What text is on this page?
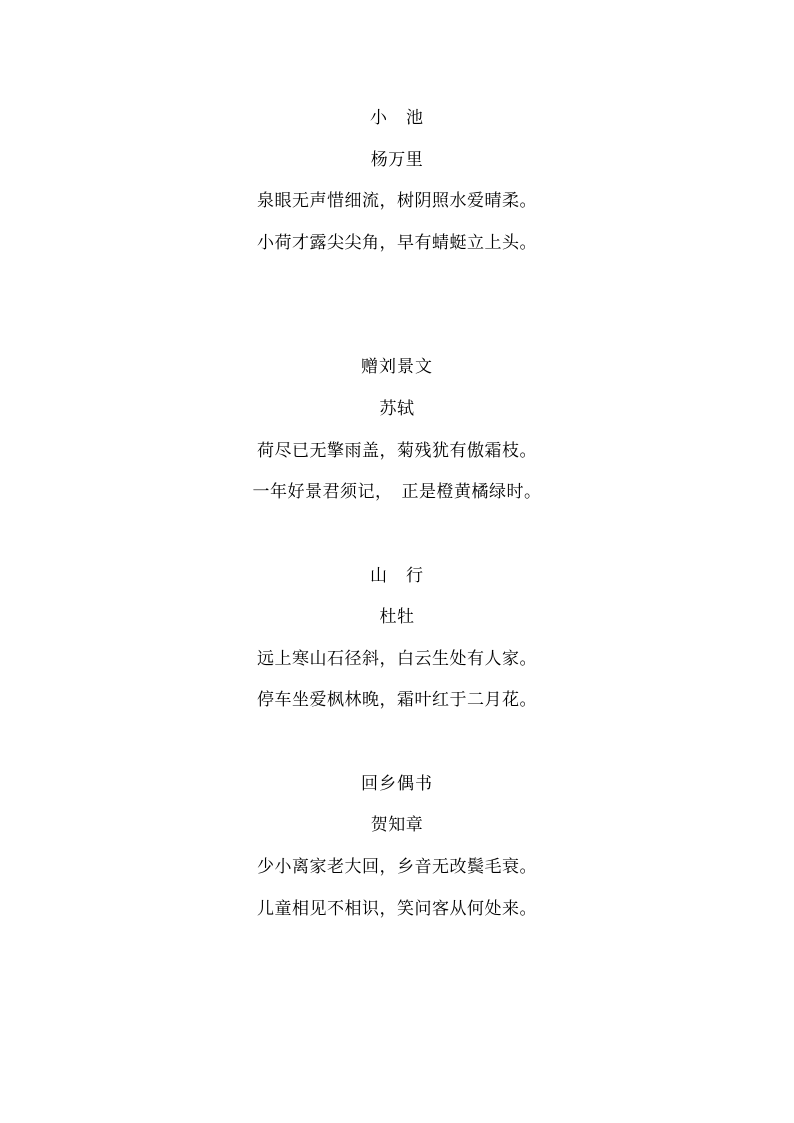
小　池
杨万里
泉眼无声惜细流，树阴照水爱晴柔。
小荷才露尖尖角，早有蜻蜓立上头。
赠刘景文
苏轼
荷尽已无擎雨盖，菊残犹有傲霜枝。
一年好景君须记，　正是橙黄橘绿时。
山　行
杜牡
远上寒山石径斜，白云生处有人家。
停车坐爱枫林晚，霜叶红于二月花。
回乡偶书
贺知章
少小离家老大回，乡音无改鬓毛衰。
儿童相见不相识，笑问客从何处来。
